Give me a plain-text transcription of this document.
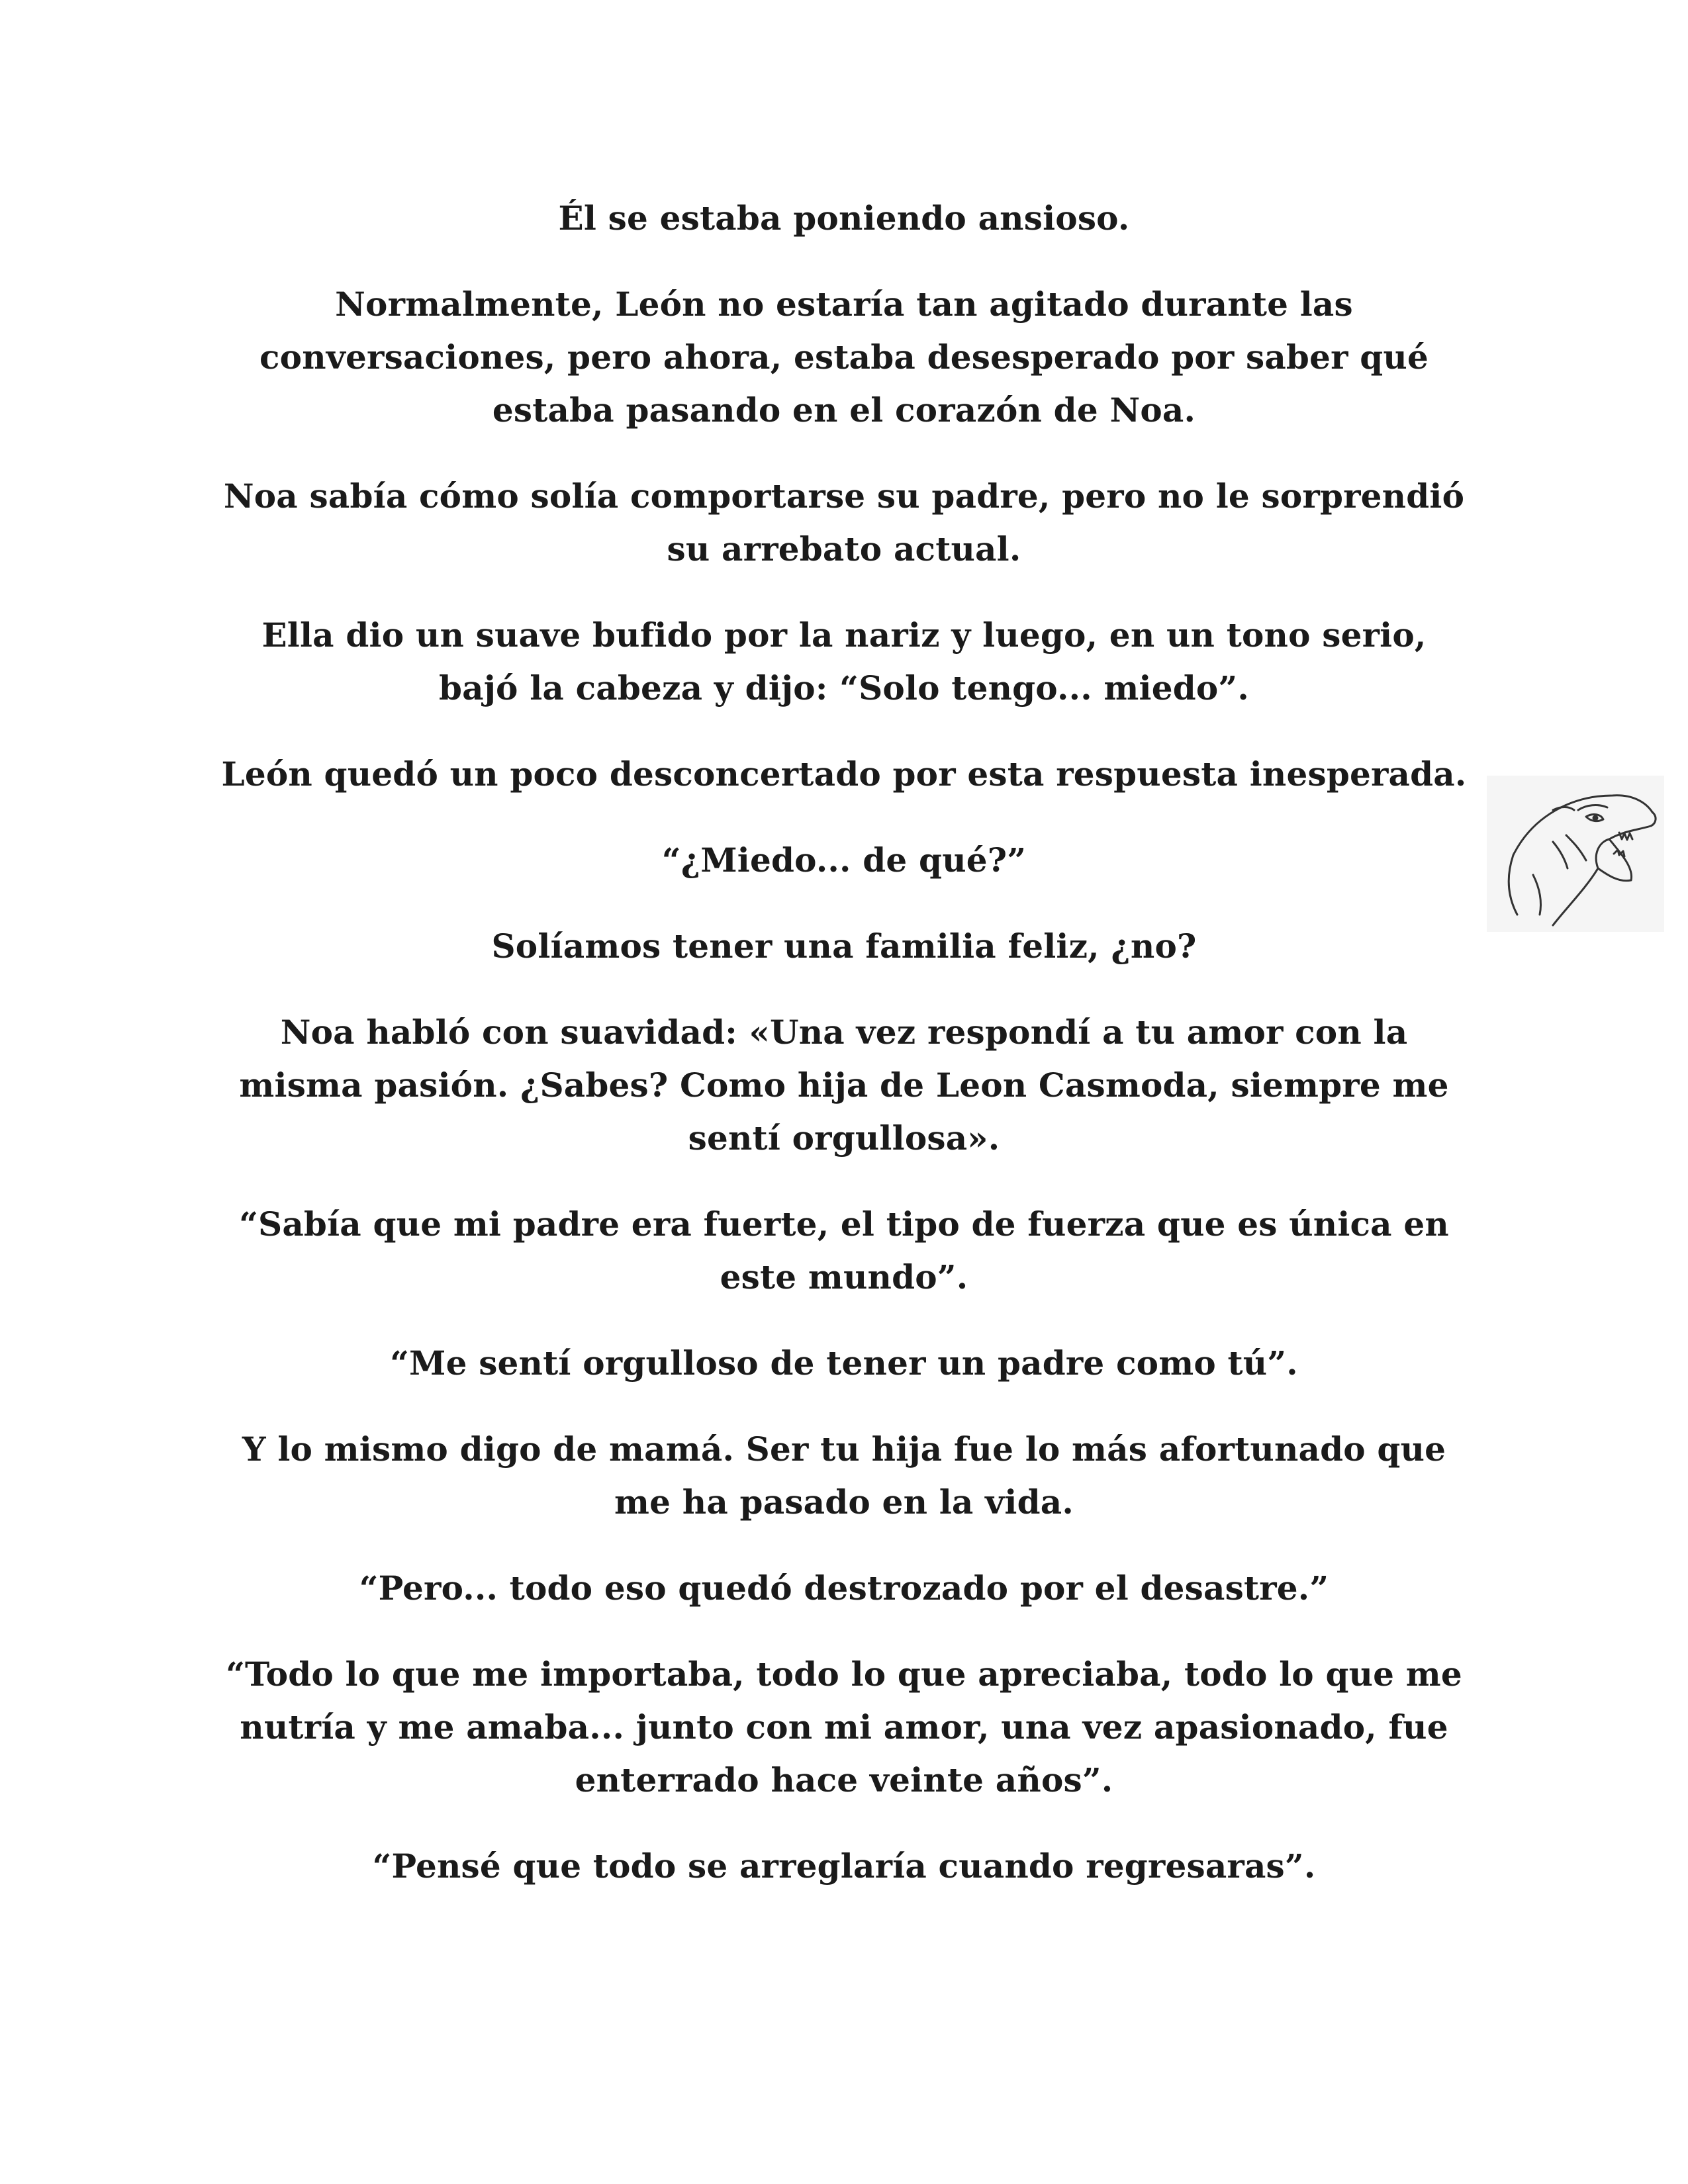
Él se estaba poniendo ansioso.

Normalmente, León no estaría tan agitado durante las conversaciones, pero ahora, estaba desesperado por saber qué estaba pasando en el corazón de Noa.

Noa sabía cómo solía comportarse su padre, pero no le sorprendió su arrebato actual.

Ella dio un suave bufido por la nariz y luego, en un tono serio, bajó la cabeza y dijo: “Solo tengo... miedo”.

León quedó un poco desconcertado por esta respuesta inesperada.

“¿Miedo... de qué?”

Solíamos tener una familia feliz, ¿no?

Noa habló con suavidad: «Una vez respondí a tu amor con la misma pasión. ¿Sabes? Como hija de Leon Casmoda, siempre me sentí orgullosa».

“Sabía que mi padre era fuerte, el tipo de fuerza que es única en este mundo”.

“Me sentí orgulloso de tener un padre como tú”.

Y lo mismo digo de mamá. Ser tu hija fue lo más afortunado que me ha pasado en la vida.

“Pero... todo eso quedó destrozado por el desastre.”

“Todo lo que me importaba, todo lo que apreciaba, todo lo que me nutría y me amaba... junto con mi amor, una vez apasionado, fue enterrado hace veinte años”.

“Pensé que todo se arreglaría cuando regresaras”.
